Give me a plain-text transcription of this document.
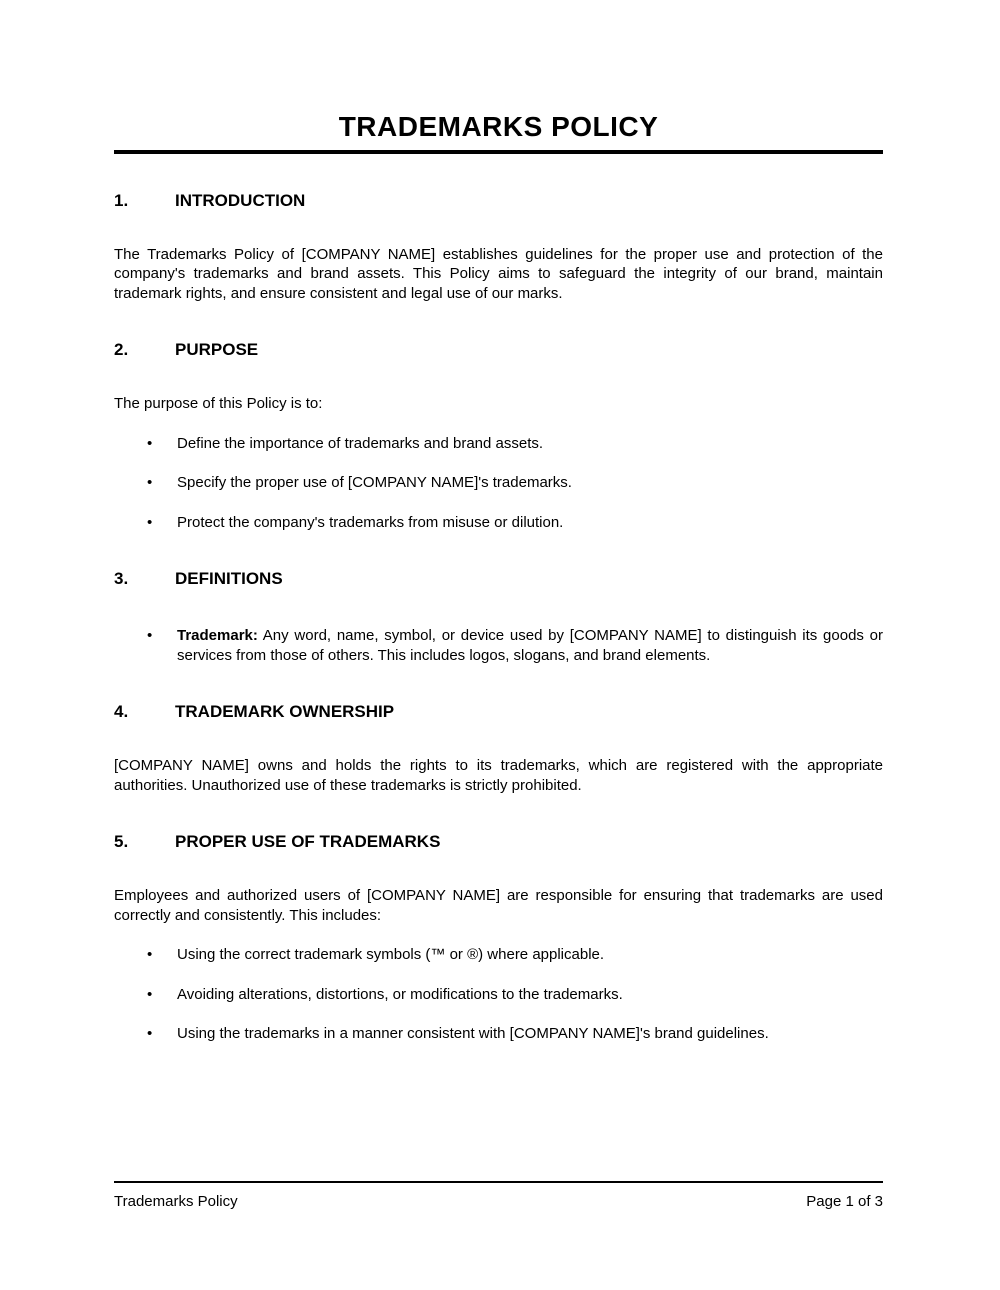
TRADEMARKS POLICY
1.	INTRODUCTION

The Trademarks Policy of [COMPANY NAME] establishes guidelines for the proper use and protection of the company's trademarks and brand assets. This Policy aims to safeguard the integrity of our brand, maintain trademark rights, and ensure consistent and legal use of our marks.

2.	PURPOSE

The purpose of this Policy is to:

• Define the importance of trademarks and brand assets.
• Specify the proper use of [COMPANY NAME]'s trademarks.
• Protect the company's trademarks from misuse or dilution.
3.	DEFINITIONS
• Trademark: Any word, name, symbol, or device used by [COMPANY NAME] to distinguish its goods or services from those of others. This includes logos, slogans, and brand elements.
4.	TRADEMARK OWNERSHIP

[COMPANY NAME] owns and holds the rights to its trademarks, which are registered with the appropriate authorities. Unauthorized use of these trademarks is strictly prohibited.

5.	PROPER USE OF TRADEMARKS

Employees and authorized users of [COMPANY NAME] are responsible for ensuring that trademarks are used correctly and consistently. This includes:

• Using the correct trademark symbols (™ or ®) where applicable.
• Avoiding alterations, distortions, or modifications to the trademarks.
• Using the trademarks in a manner consistent with [COMPANY NAME]'s brand guidelines.
Trademarks Policy	Page 1 of 3
